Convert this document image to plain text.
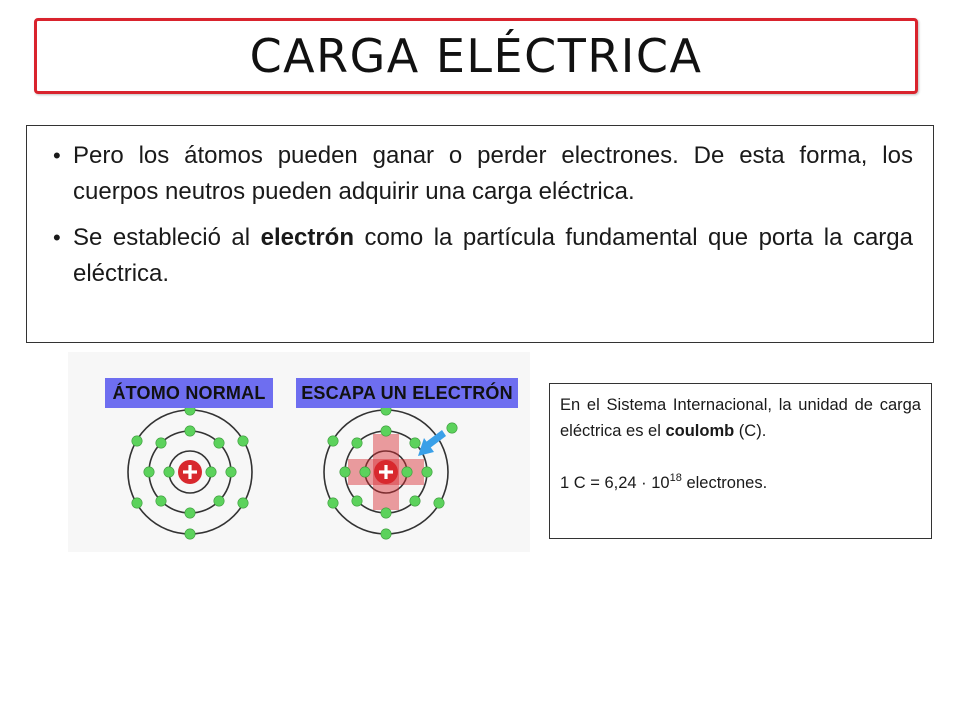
CARGA ELÉCTRICA
• Pero los átomos pueden ganar o perder electrones. De esta forma, los cuerpos neutros pueden adquirir una carga eléctrica.
• Se estableció al electrón como la partícula fundamental que porta la carga eléctrica.
ÁTOMO NORMAL	ESCAPA UN ELECTRÓN

En el Sistema Internacional, la unidad de carga eléctrica es el coulomb (C).

1 $C = 6,24 \cdot 10^{18}$ electrones.
